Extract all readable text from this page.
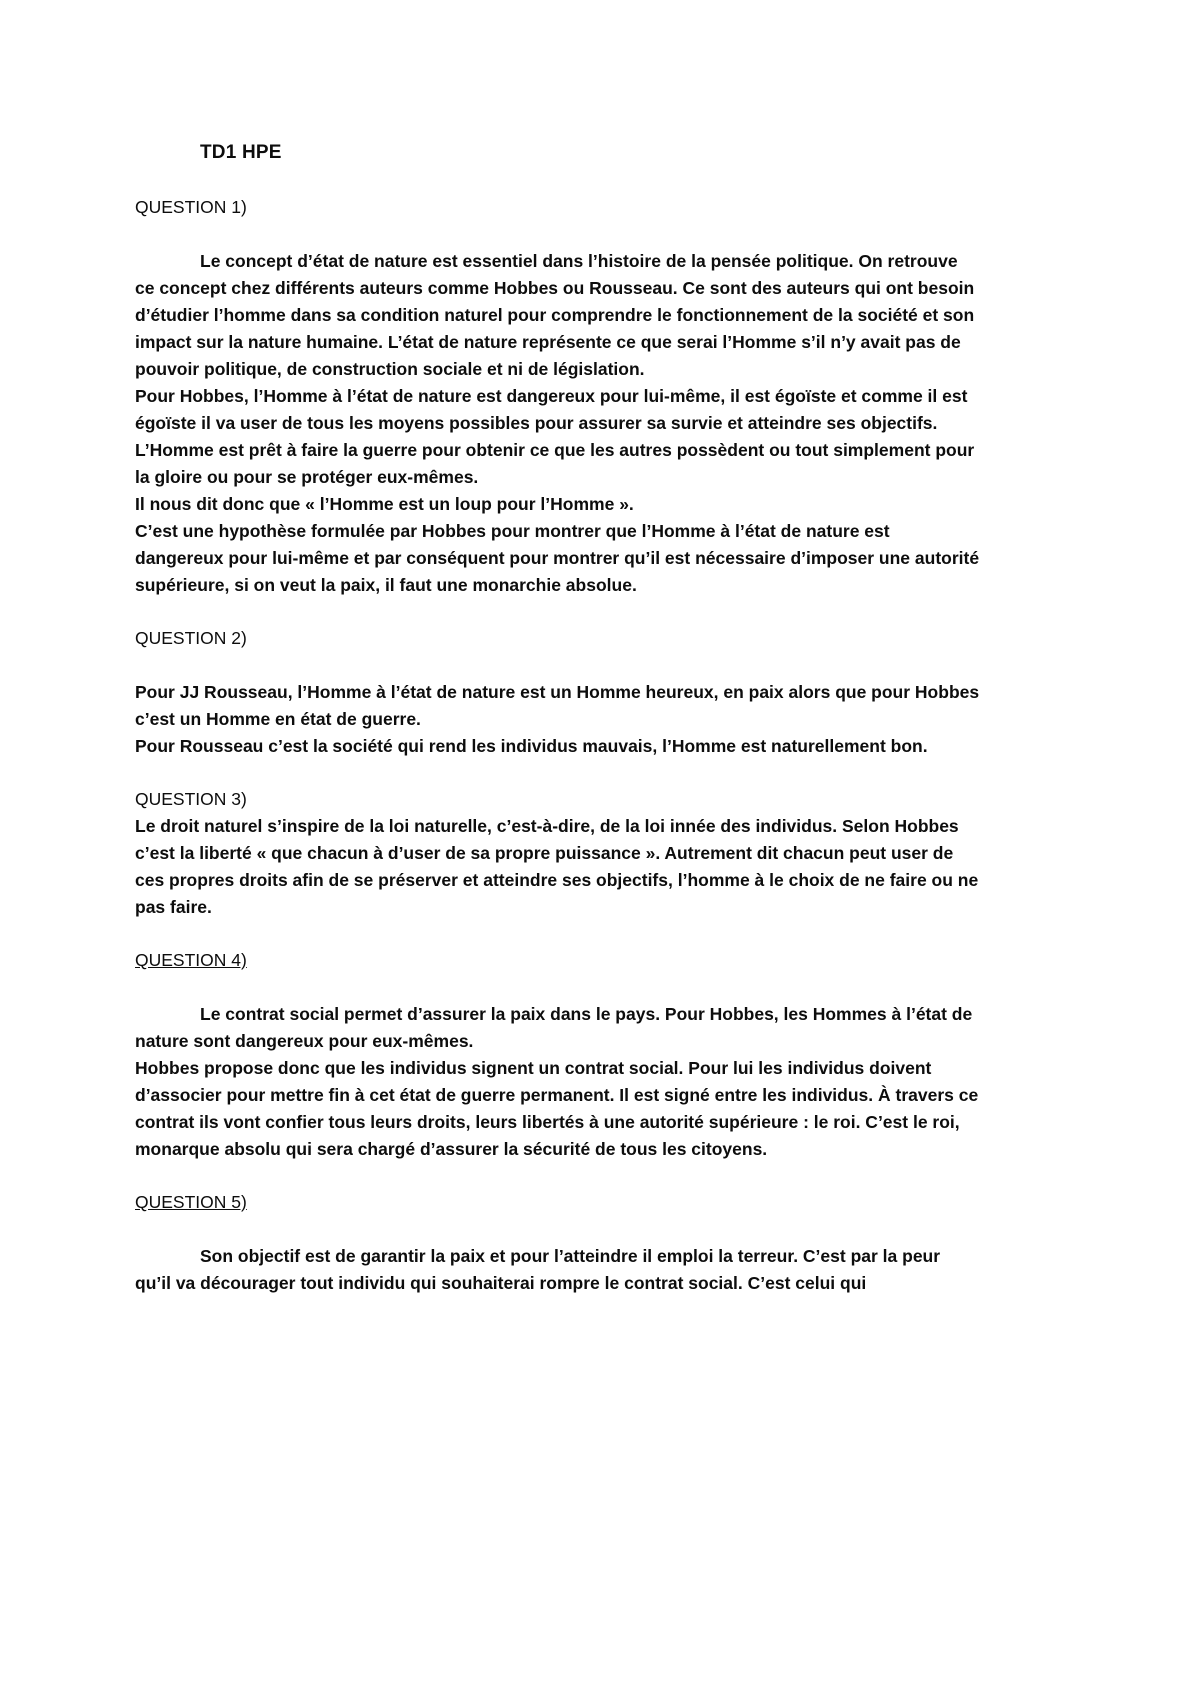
TD1 HPE
QUESTION 1)

Le concept d’état de nature est essentiel dans l’histoire de la pensée politique. On retrouve ce concept chez différents auteurs comme Hobbes ou Rousseau. Ce sont des auteurs qui ont besoin d’étudier l’homme dans sa condition naturel pour comprendre le fonctionnement de la société et son impact sur la nature humaine. L’état de nature représente ce que serai l’Homme s’il n’y avait pas de pouvoir politique, de construction sociale et ni de législation.

Pour Hobbes, l’Homme à l’état de nature est dangereux pour lui-même, il est égoïste et comme il est égoïste il va user de tous les moyens possibles pour assurer sa survie et atteindre ses objectifs. L’Homme est prêt à faire la guerre pour obtenir ce que les autres possèdent ou tout simplement pour la gloire ou pour se protéger eux-mêmes.

Il nous dit donc que « l’Homme est un loup pour l’Homme ».

C’est une hypothèse formulée par Hobbes pour montrer que l’Homme à l’état de nature est dangereux pour lui-même et par conséquent pour montrer qu’il est nécessaire d’imposer une autorité supérieure, si on veut la paix, il faut une monarchie absolue.

QUESTION 2)

Pour JJ Rousseau, l’Homme à l’état de nature est un Homme heureux, en paix alors que pour Hobbes c’est un Homme en état de guerre.

Pour Rousseau c’est la société qui rend les individus mauvais, l’Homme est naturellement bon.

QUESTION 3)

Le droit naturel s’inspire de la loi naturelle, c’est-à-dire, de la loi innée des individus. Selon Hobbes c’est la liberté « que chacun à d’user de sa propre puissance ». Autrement dit chacun peut user de ces propres droits afin de se préserver et atteindre ses objectifs, l’homme à le choix de ne faire ou ne pas faire.

QUESTION 4)

Le contrat social permet d’assurer la paix dans le pays. Pour Hobbes, les Hommes à l’état de nature sont dangereux pour eux-mêmes.

Hobbes propose donc que les individus signent un contrat social. Pour lui les individus doivent d’associer pour mettre fin à cet état de guerre permanent. Il est signé entre les individus. À travers ce contrat ils vont confier tous leurs droits, leurs libertés à une autorité supérieure : le roi. C’est le roi, monarque absolu qui sera chargé d’assurer la sécurité de tous les citoyens.

QUESTION 5)

Son objectif est de garantir la paix et pour l’atteindre il emploi la terreur. C’est par la peur qu’il va décourager tout individu qui souhaiterai rompre le contrat social. C’est celui qui
